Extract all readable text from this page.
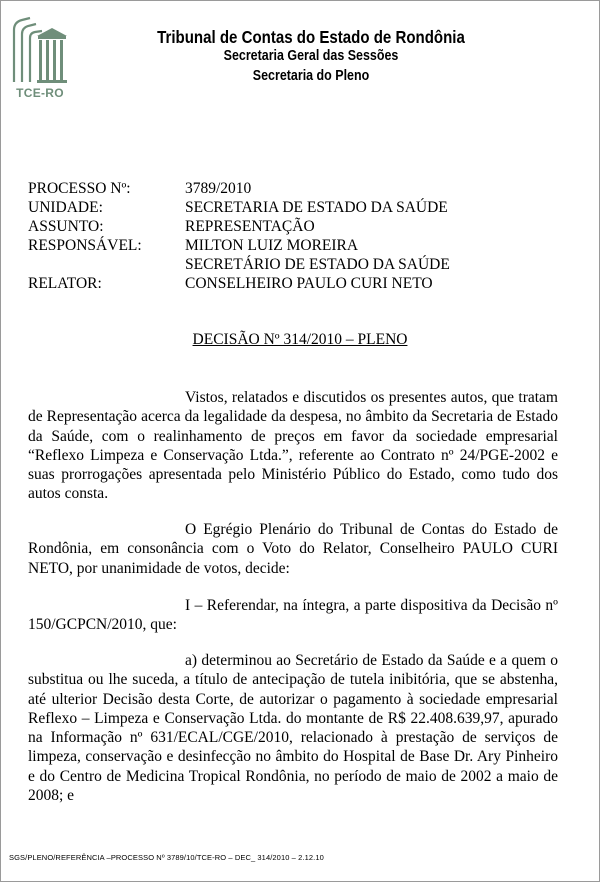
TCE-RO
Tribunal de Contas do Estado de Rondônia
Secretaria Geral das Sessões
Secretaria do Pleno
PROCESSO Nº:	3789/2010
UNIDADE:	SECRETARIA DE ESTADO DA SAÚDE
ASSUNTO:	REPRESENTAÇÃO
RESPONSÁVEL:	MILTON LUIZ MOREIRA
SECRETÁRIO DE ESTADO DA SAÚDE
RELATOR:	CONSELHEIRO PAULO CURI NETO
DECISÃO Nº 314/2010 – PLENO
Vistos, relatados e discutidos os presentes autos, que tratam de Representação acerca da legalidade da despesa, no âmbito da Secretaria de Estado da Saúde, com o realinhamento de preços em favor da sociedade empresarial “Reflexo Limpeza e Conservação Ltda.”, referente ao Contrato nº 24/PGE-2002 e suas prorrogações apresentada pelo Ministério Público do Estado, como tudo dos autos consta.
O Egrégio Plenário do Tribunal de Contas do Estado de Rondônia, em consonância com o Voto do Relator, Conselheiro PAULO CURI NETO, por unanimidade de votos, decide:
I – Referendar, na íntegra, a parte dispositiva da Decisão nº 150/GCPCN/2010, que:
a) determinou ao Secretário de Estado da Saúde e a quem o substitua ou lhe suceda, a título de antecipação de tutela inibitória, que se abstenha, até ulterior Decisão desta Corte, de autorizar o pagamento à sociedade empresarial Reflexo – Limpeza e Conservação Ltda. do montante de R$ 22.408.639,97, apurado na Informação nº 631/ECAL/CGE/2010, relacionado à prestação de serviços de limpeza, conservação e desinfecção no âmbito do Hospital de Base Dr. Ary Pinheiro e do Centro de Medicina Tropical Rondônia, no período de maio de 2002 a maio de 2008; e
SGS/PLENO/REFERÊNCIA –PROCESSO Nº 3789/10/TCE-RO – DEC_ 314/2010 – 2.12.10
